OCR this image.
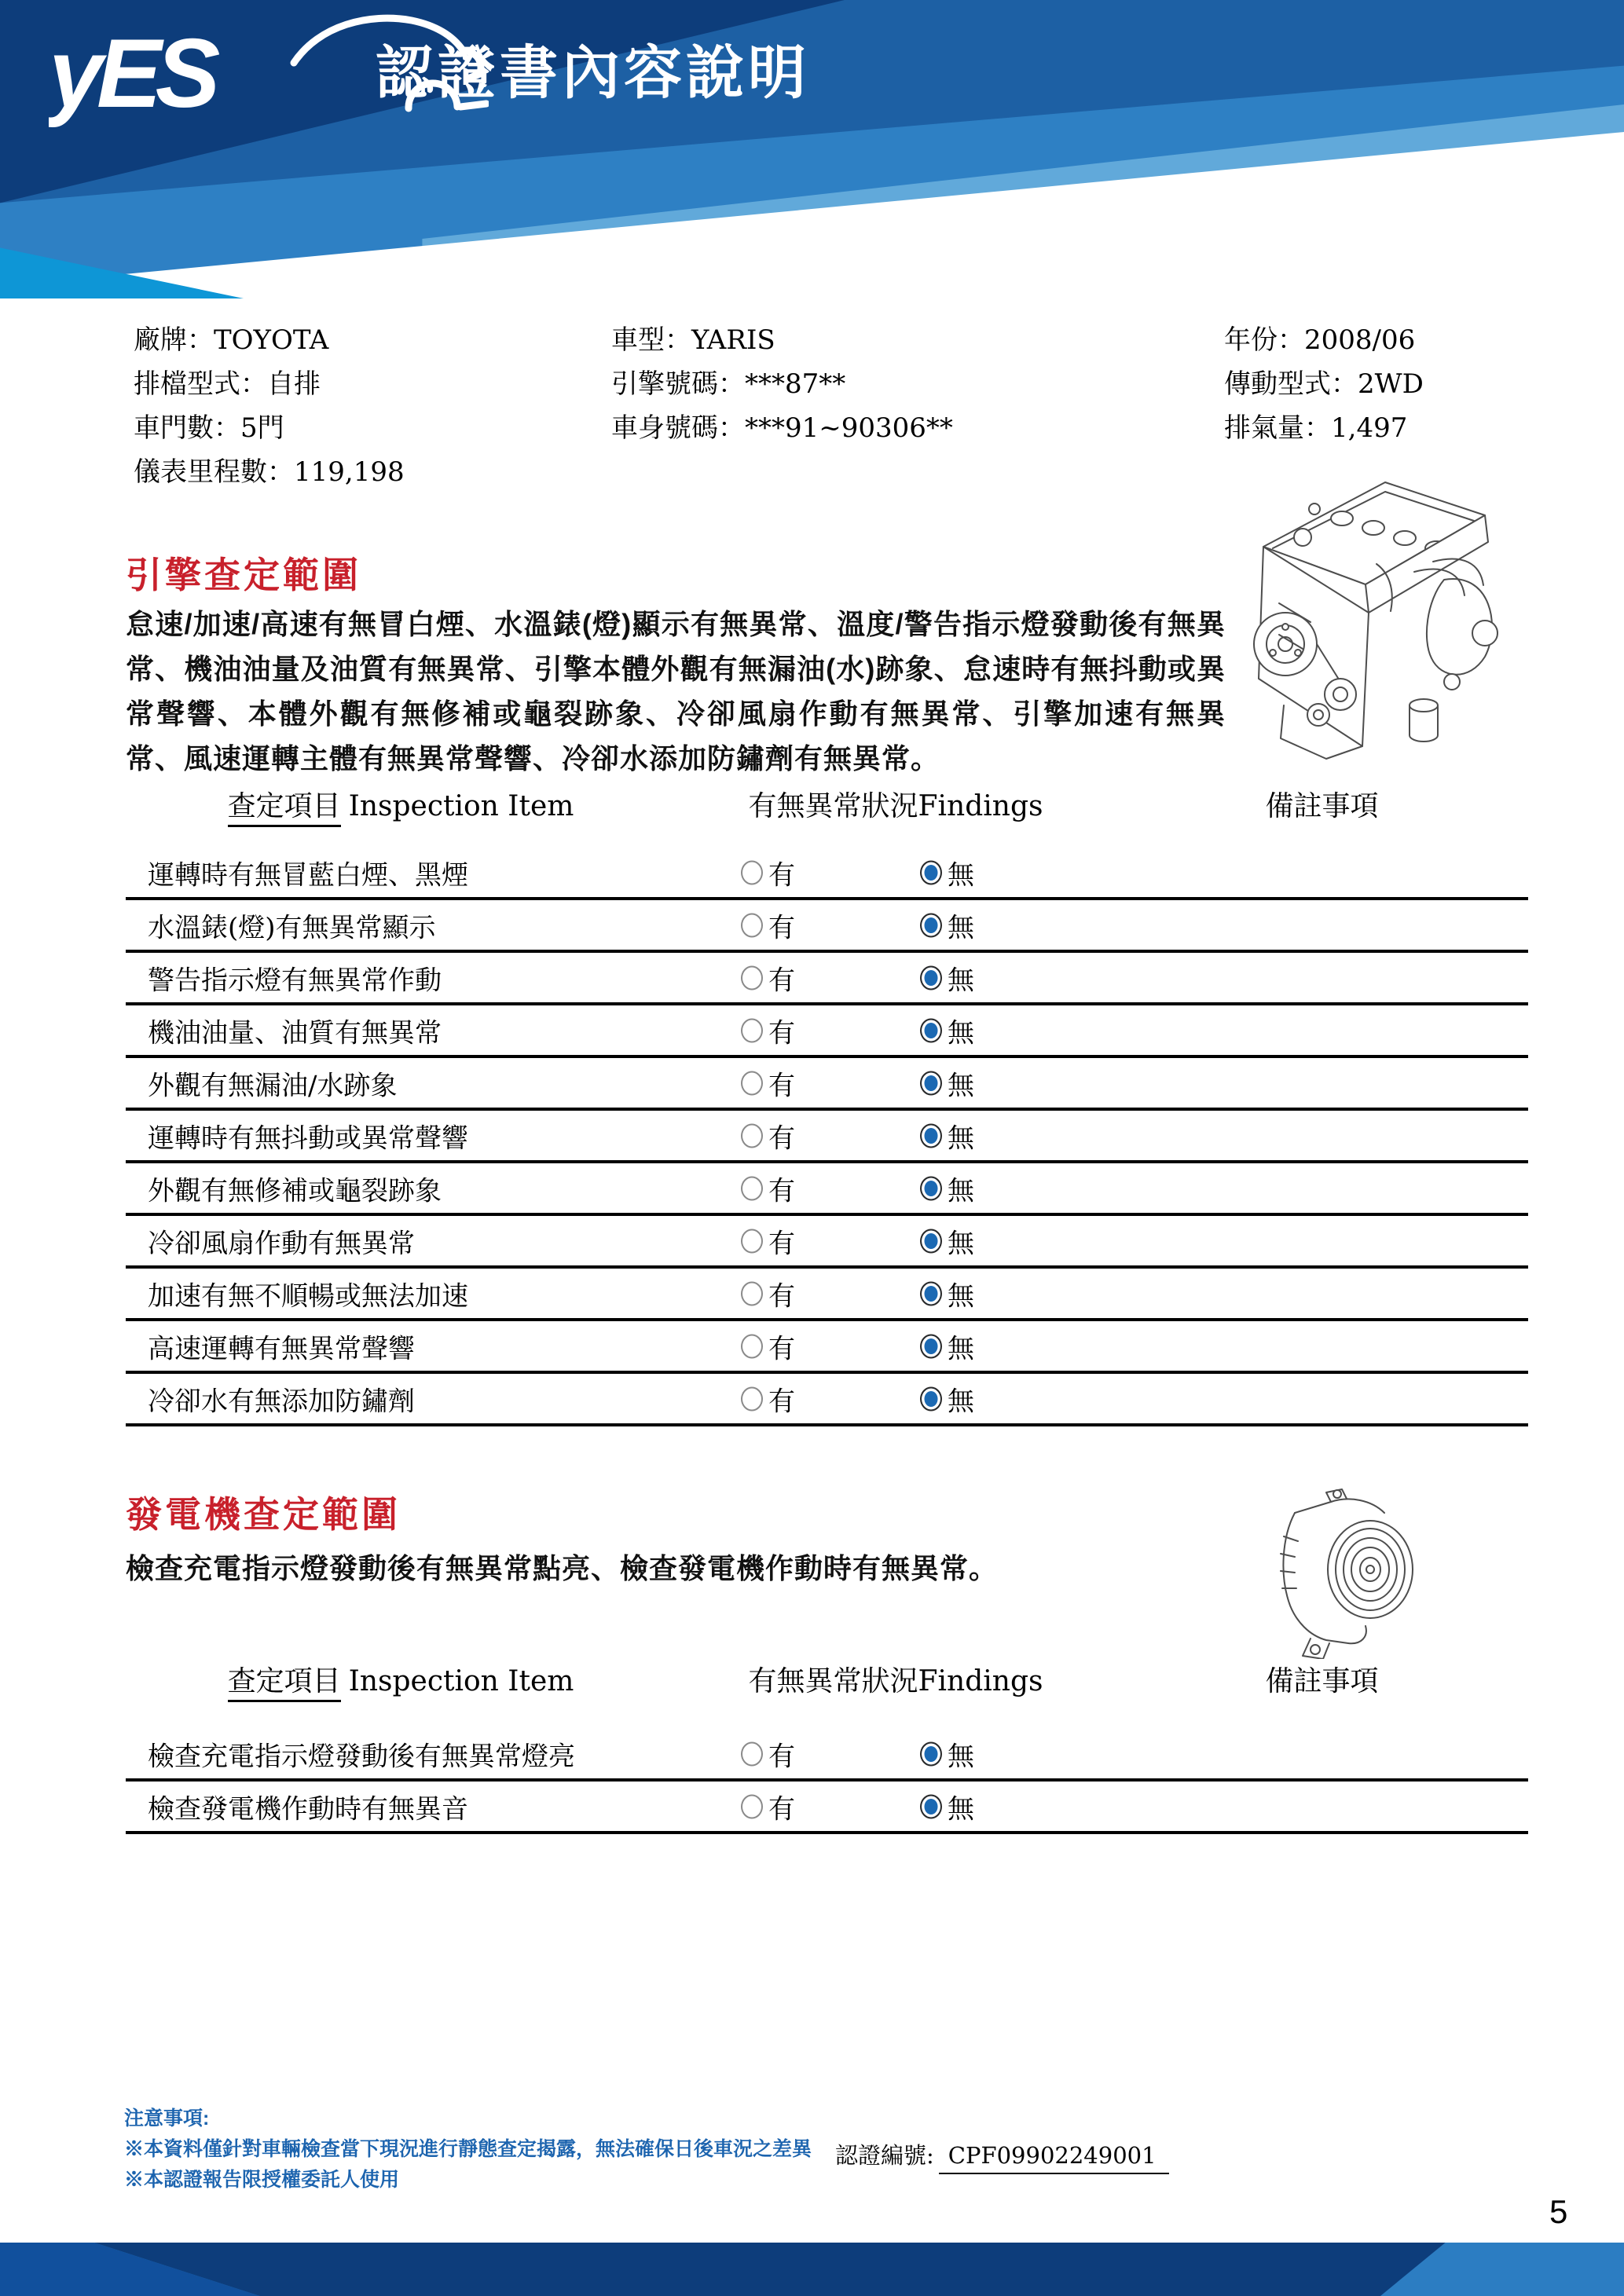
yES	認證書內容說明
廠牌：TOYOTA
排檔型式：自排
車門數：5門
儀表里程數：119,198
車型：YARIS
引擎號碼：***87**
車身號碼：***91~90306**
年份：2008/06
傳動型式：2WD
排氣量：1,497
引擎查定範圍
怠速/加速/高速有無冒白煙、水溫錶(燈)顯示有無異常、溫度/警告指示燈發動後有無異常、機油油量及油質有無異常、引擎本體外觀有無漏油(水)跡象、怠速時有無抖動或異常聲響、本體外觀有無修補或龜裂跡象、冷卻風扇作動有無異常、引擎加速有無異常、風速運轉主體有無異常聲響、冷卻水添加防鏽劑有無異常。
查定項目 Inspection Item	有無異常狀況Findings	備註事項
運轉時有無冒藍白煙、黑煙	有	無
水溫錶(燈)有無異常顯示	有	無
警告指示燈有無異常作動	有	無
機油油量、油質有無異常	有	無
外觀有無漏油/水跡象	有	無
運轉時有無抖動或異常聲響	有	無
外觀有無修補或龜裂跡象	有	無
冷卻風扇作動有無異常	有	無
加速有無不順暢或無法加速	有	無
高速運轉有無異常聲響	有	無
冷卻水有無添加防鏽劑	有	無
發電機查定範圍
檢查充電指示燈發動後有無異常點亮、檢查發電機作動時有無異常。
查定項目 Inspection Item	有無異常狀況Findings	備註事項
檢查充電指示燈發動後有無異常燈亮	有	無
檢查發電機作動時有無異音	有	無
注意事項:
※本資料僅針對車輛檢查當下現況進行靜態查定揭露，無法確保日後車況之差異
※本認證報告限授權委託人使用
認證編號: CPF09902249001
5
